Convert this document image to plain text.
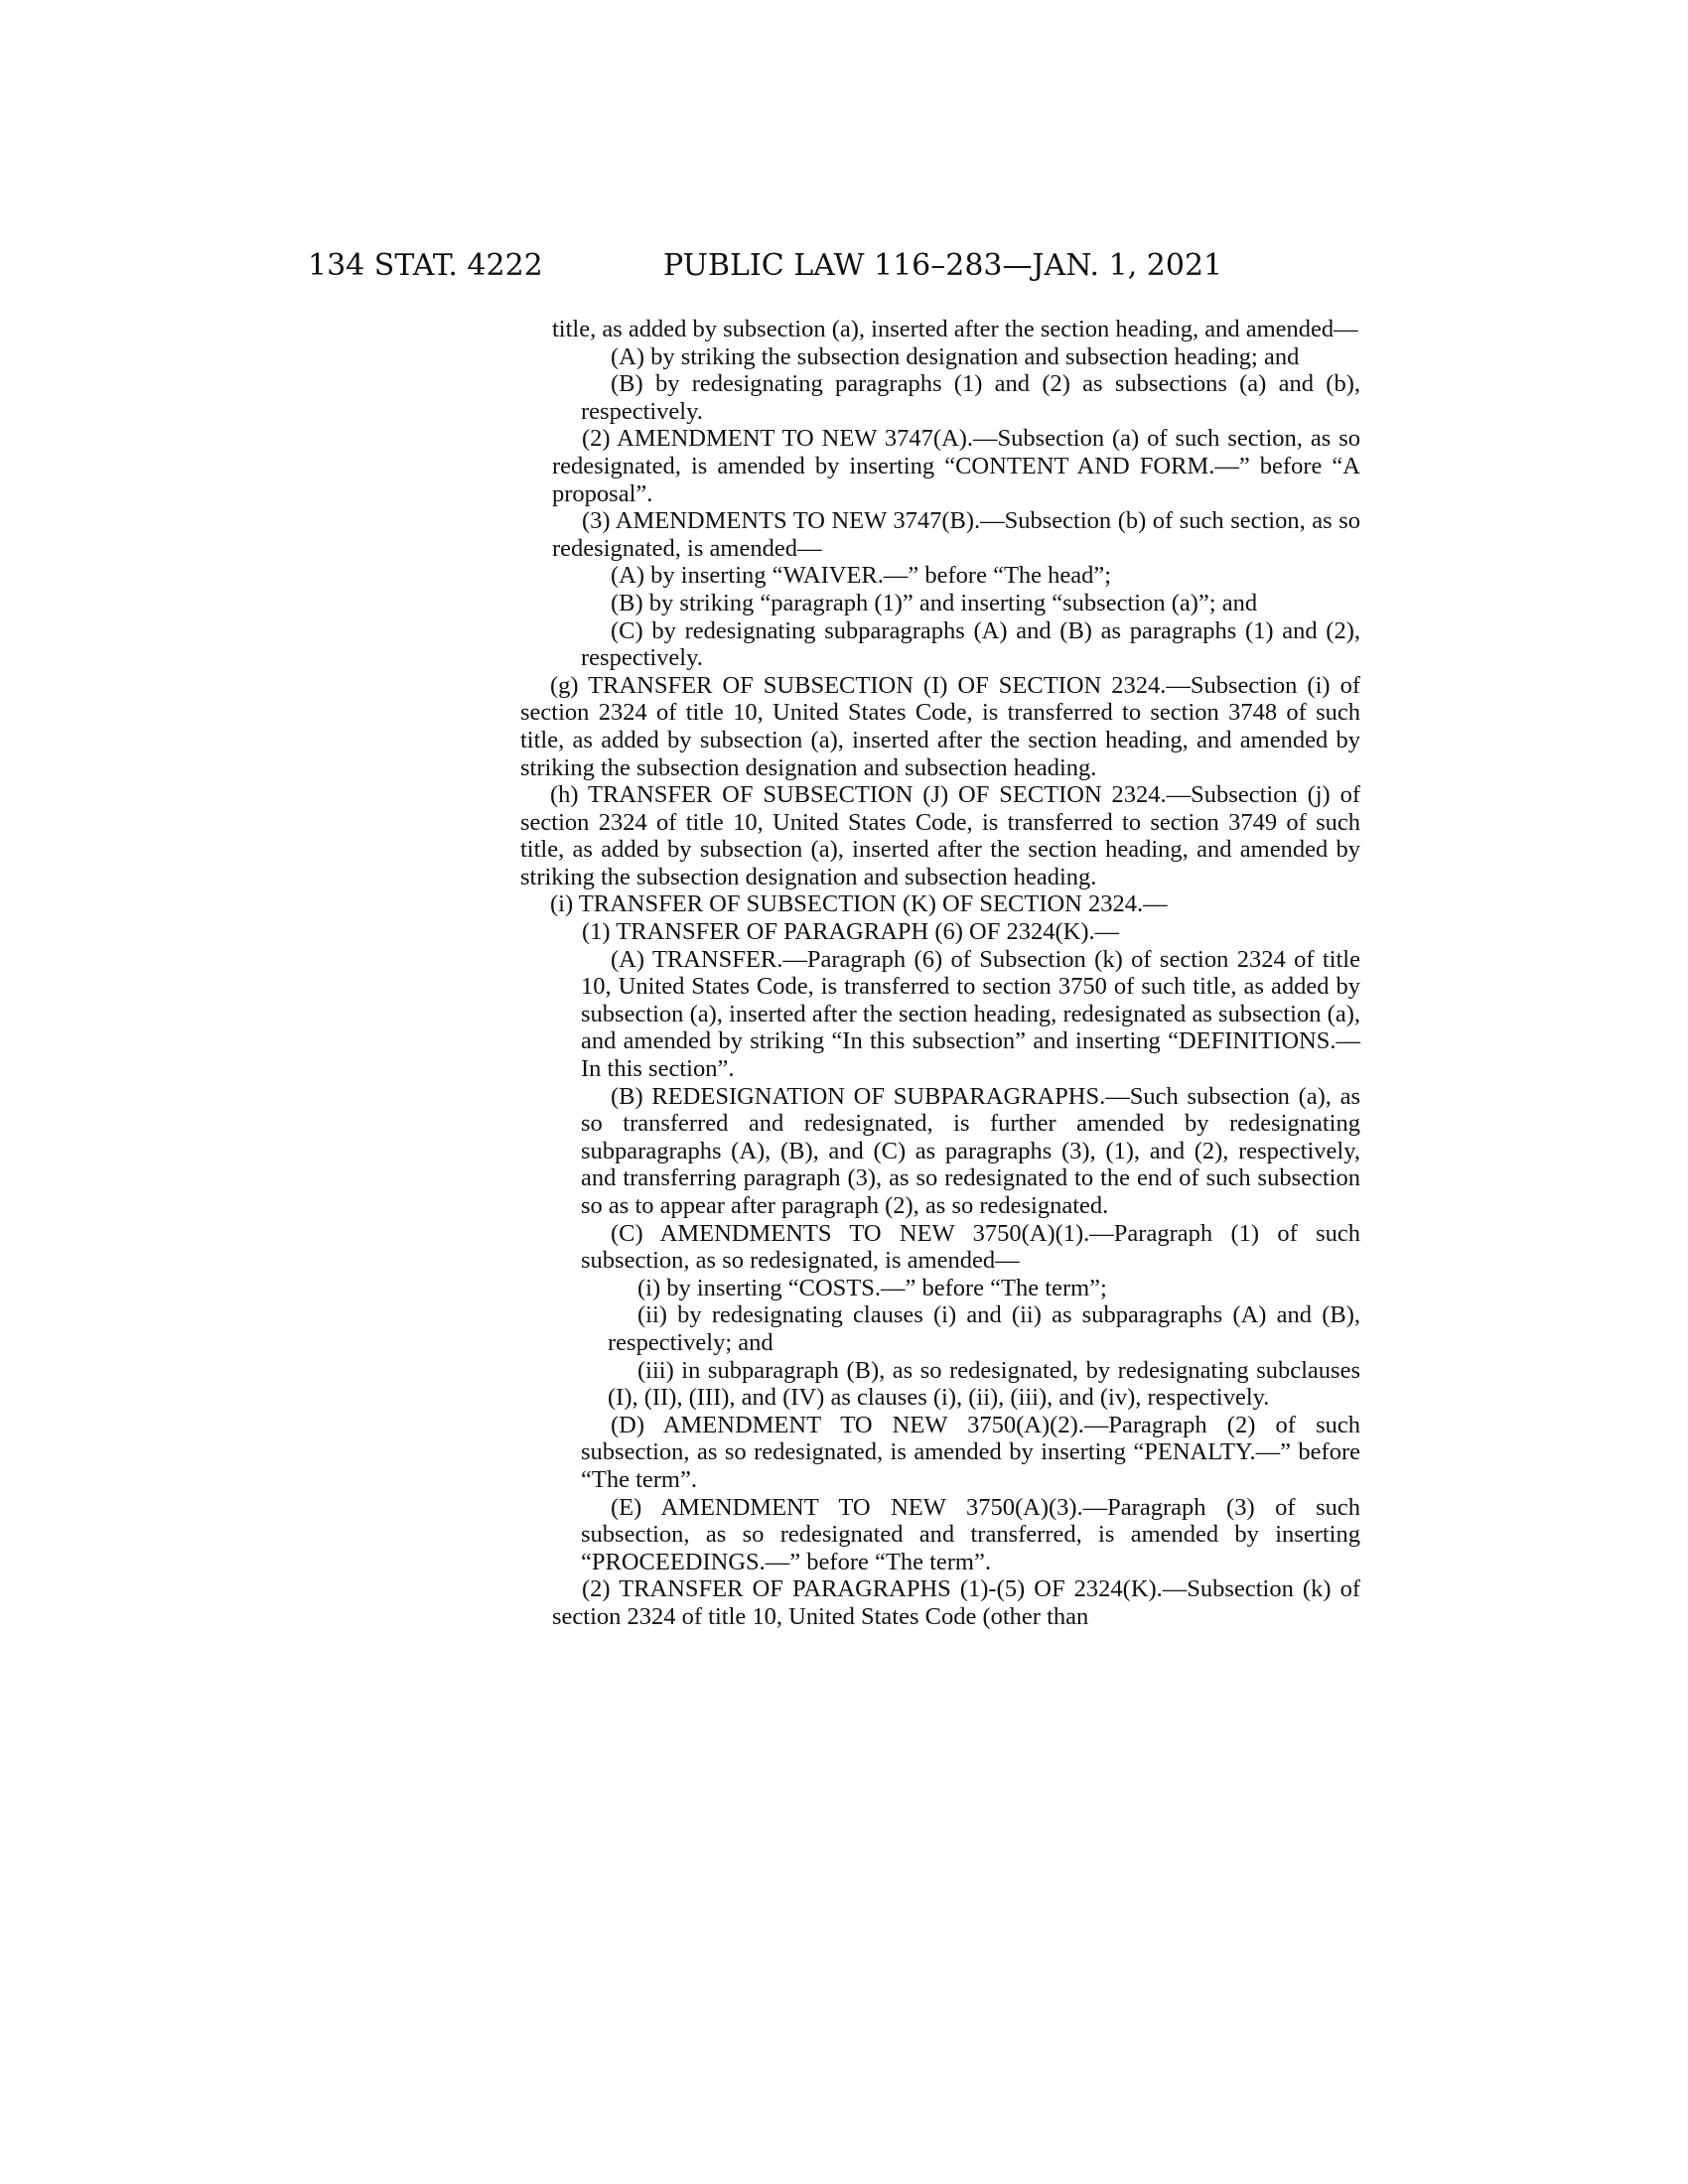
134 STAT. 4222	PUBLIC LAW 116–283—JAN. 1, 2021

title, as added by subsection (a), inserted after the section heading, and amended—

(A) by striking the subsection designation and subsection heading; and

(B) by redesignating paragraphs (1) and (2) as subsections (a) and (b), respectively.

(2) AMENDMENT TO NEW 3747(A).—Subsection (a) of such section, as so redesignated, is amended by inserting “CONTENT AND FORM.—” before “A proposal”.

(3) AMENDMENTS TO NEW 3747(B).—Subsection (b) of such section, as so redesignated, is amended—

(A) by inserting “WAIVER.—” before “The head”;

(B) by striking “paragraph (1)” and inserting “subsection (a)”; and

(C) by redesignating subparagraphs (A) and (B) as paragraphs (1) and (2), respectively.

(g) TRANSFER OF SUBSECTION (I) OF SECTION 2324.—Subsection (i) of section 2324 of title 10, United States Code, is transferred to section 3748 of such title, as added by subsection (a), inserted after the section heading, and amended by striking the subsection designation and subsection heading.

(h) TRANSFER OF SUBSECTION (J) OF SECTION 2324.—Subsection (j) of section 2324 of title 10, United States Code, is transferred to section 3749 of such title, as added by subsection (a), inserted after the section heading, and amended by striking the subsection designation and subsection heading.

(i) TRANSFER OF SUBSECTION (K) OF SECTION 2324.—

(1) TRANSFER OF PARAGRAPH (6) OF 2324(K).—

(A) TRANSFER.—Paragraph (6) of Subsection (k) of section 2324 of title 10, United States Code, is transferred to section 3750 of such title, as added by subsection (a), inserted after the section heading, redesignated as subsection (a), and amended by striking “In this subsection” and inserting “DEFINITIONS.—In this section”.

(B) REDESIGNATION OF SUBPARAGRAPHS.—Such subsection (a), as so transferred and redesignated, is further amended by redesignating subparagraphs (A), (B), and (C) as paragraphs (3), (1), and (2), respectively, and transferring paragraph (3), as so redesignated to the end of such subsection so as to appear after paragraph (2), as so redesignated.

(C) AMENDMENTS TO NEW 3750(A)(1).—Paragraph (1) of such subsection, as so redesignated, is amended—

(i) by inserting “COSTS.—” before “The term”;

(ii) by redesignating clauses (i) and (ii) as subparagraphs (A) and (B), respectively; and

(iii) in subparagraph (B), as so redesignated, by redesignating subclauses (I), (II), (III), and (IV) as clauses (i), (ii), (iii), and (iv), respectively.

(D) AMENDMENT TO NEW 3750(A)(2).—Paragraph (2) of such subsection, as so redesignated, is amended by inserting “PENALTY.—” before “The term”.

(E) AMENDMENT TO NEW 3750(A)(3).—Paragraph (3) of such subsection, as so redesignated and transferred, is amended by inserting “PROCEEDINGS.—” before “The term”.

(2) TRANSFER OF PARAGRAPHS (1)-(5) OF 2324(K).—Subsection (k) of section 2324 of title 10, United States Code (other than
